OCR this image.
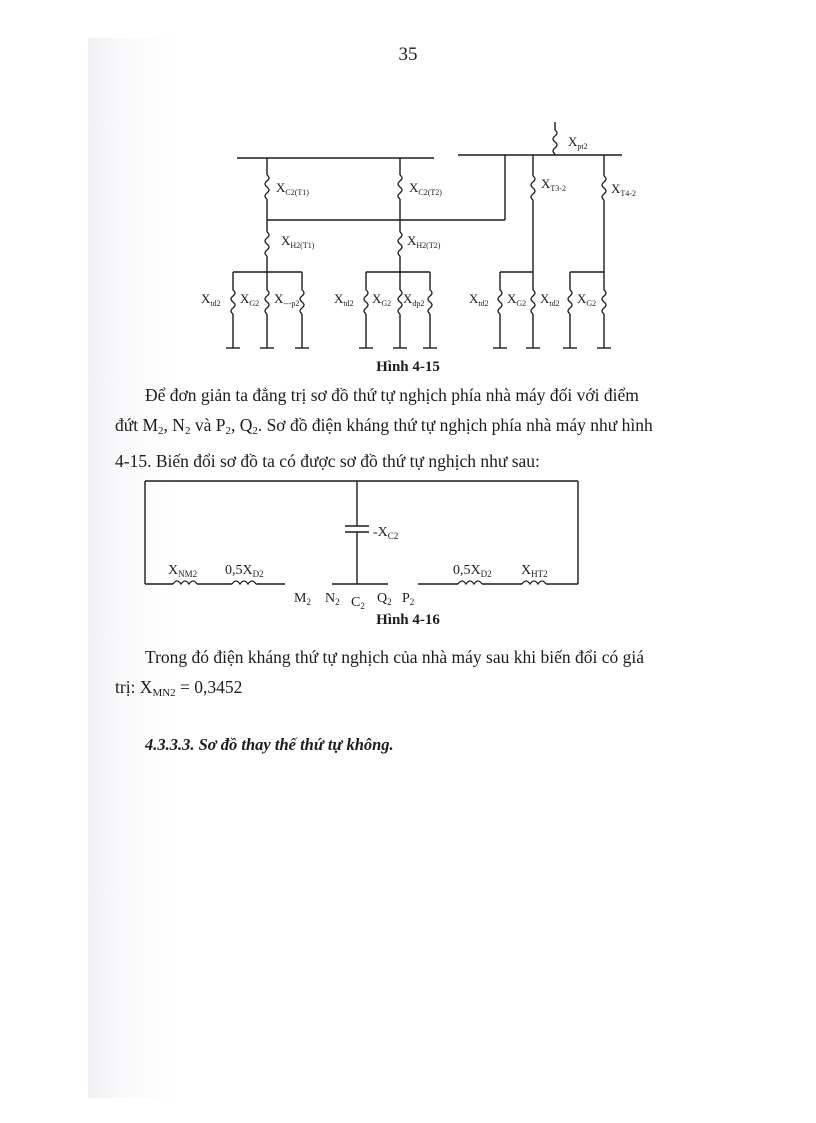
35
$X_{pt2}$
$X_{C2(T1)}$	$X_{C2(T2)}$
$X_{T3-2}$	$X_{T4-2}$
$X_{H2(T1)}$	$X_{H2(T2)}$
$X_{td2}$ $X_{G2}$ $X_{---p2}$	$X_{td2}$ $X_{G2}$ $X_{dp2}$	$X_{td2}$ $X_{G2}$ $X_{td2}$ $X_{G2}$
Hình 4-15

Để đơn giản ta đẳng trị sơ đồ thứ tự nghịch phía nhà máy đối với điểm

đứt $M_2$, $N_2$ và $P_2$, $Q_2$. Sơ đồ điện kháng thứ tự nghịch phía nhà máy như hình

4-15. Biến đổi sơ đồ ta có được sơ đồ thứ tự nghịch như sau:

$-X_{C2}$
$X_{NM2}$ $0,5X_{D2}$	$0,5X_{D2}$ $X_{HT2}$
$M_2$ $N_2$ $C_2$ $Q_2$ $P_2$
Hình 4-16

Trong đó điện kháng thứ tự nghịch của nhà máy sau khi biến đổi có giá

trị: $X_{MN2} = 0,3452$

4.3.3.3. Sơ đồ thay thế thứ tự không.
